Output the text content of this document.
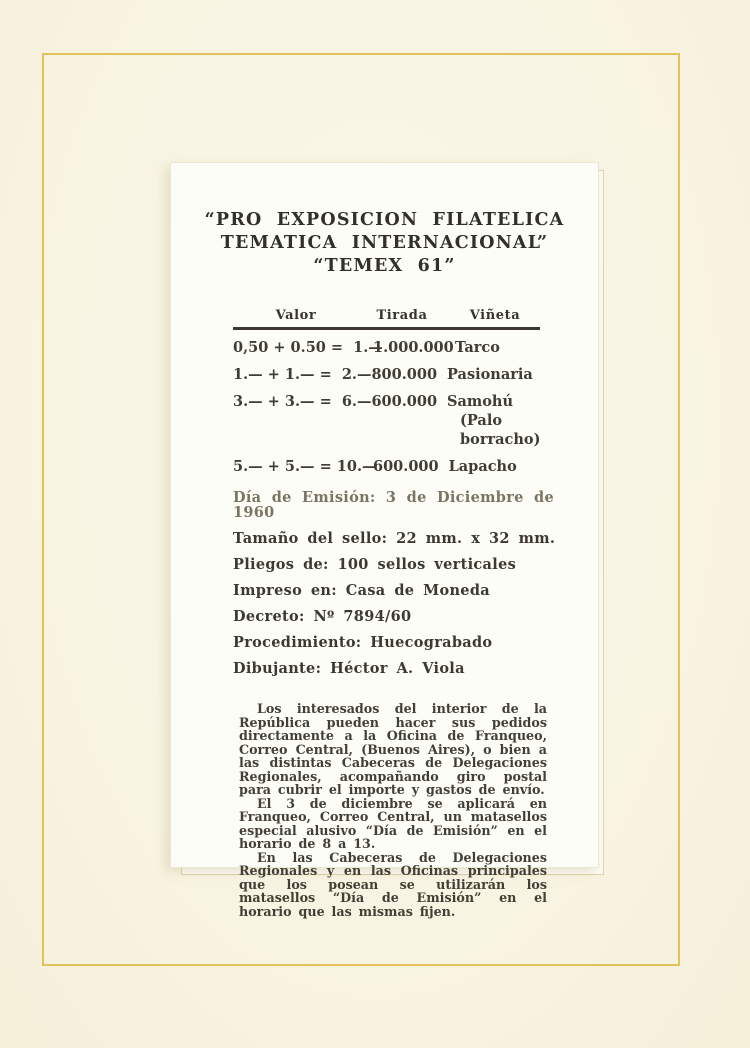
“PRO EXPOSICION FILATELICA
TEMATICA INTERNACIONAL”
“TEMEX 61”
Valor	Tirada	Viñeta
0,50 + 0.50 =  1.—
1.000.000 Tarco
1.— + 1.— =  2.— 800.000 Pasionaria
3.— + 3.— =  6.— 600.000 Samohú (Palo borracho)
5.— + 5.— = 10.—
600.000 Lapacho
Día de Emisión: 3 de Diciembre de 1960
Tamaño del sello: 22 mm. x 32 mm.
Pliegos de: 100 sellos verticales
Impreso en: Casa de Moneda
Decreto: Nº 7894/60
Procedimiento: Huecograbado
Dibujante: Héctor A. Viola

Los interesados del interior de la República pueden hacer sus pedidos directamente a la Oficina de Franqueo, Correo Central, (Buenos Aires), o bien a las distintas Cabeceras de Delegaciones Regionales, acompañando giro postal para cubrir el importe y gastos de envío.

El 3 de diciembre se aplicará en Franqueo, Correo Central, un matasellos especial alusivo “Día de Emisión” en el horario de 8 a 13.

En las Cabeceras de Delegaciones Regionales y en las Oficinas principales que los posean se utilizarán los matasellos “Día de Emisión” en el horario que las mismas fijen.
